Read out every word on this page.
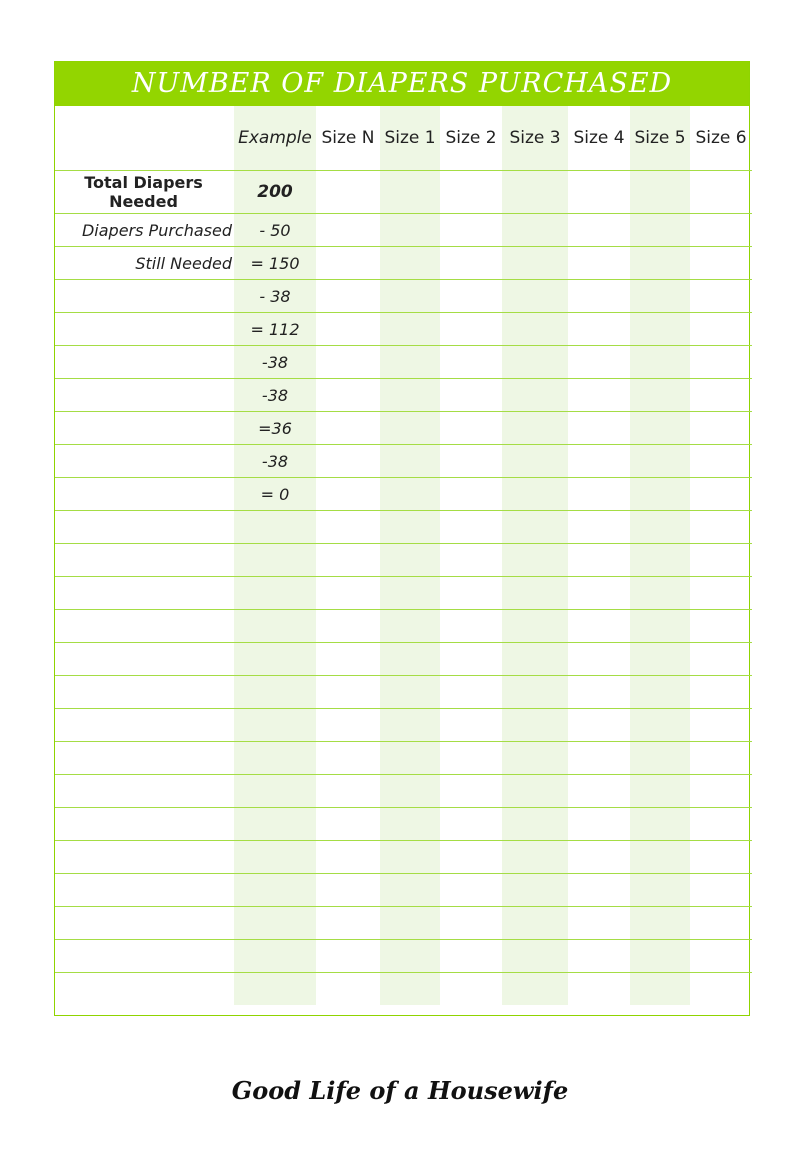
NUMBER OF DIAPERS PURCHASED
	Example	Size N	Size 1	Size 2	Size 3	Size 4	Size 5	Size 6
Total Diapers Needed	200							
Diapers Purchased	- 50							
Still Needed	= 150							
	- 38							
	= 112							
	-38							
	-38							
	=36							
	-38							
	= 0							

Good Life of a Housewife
